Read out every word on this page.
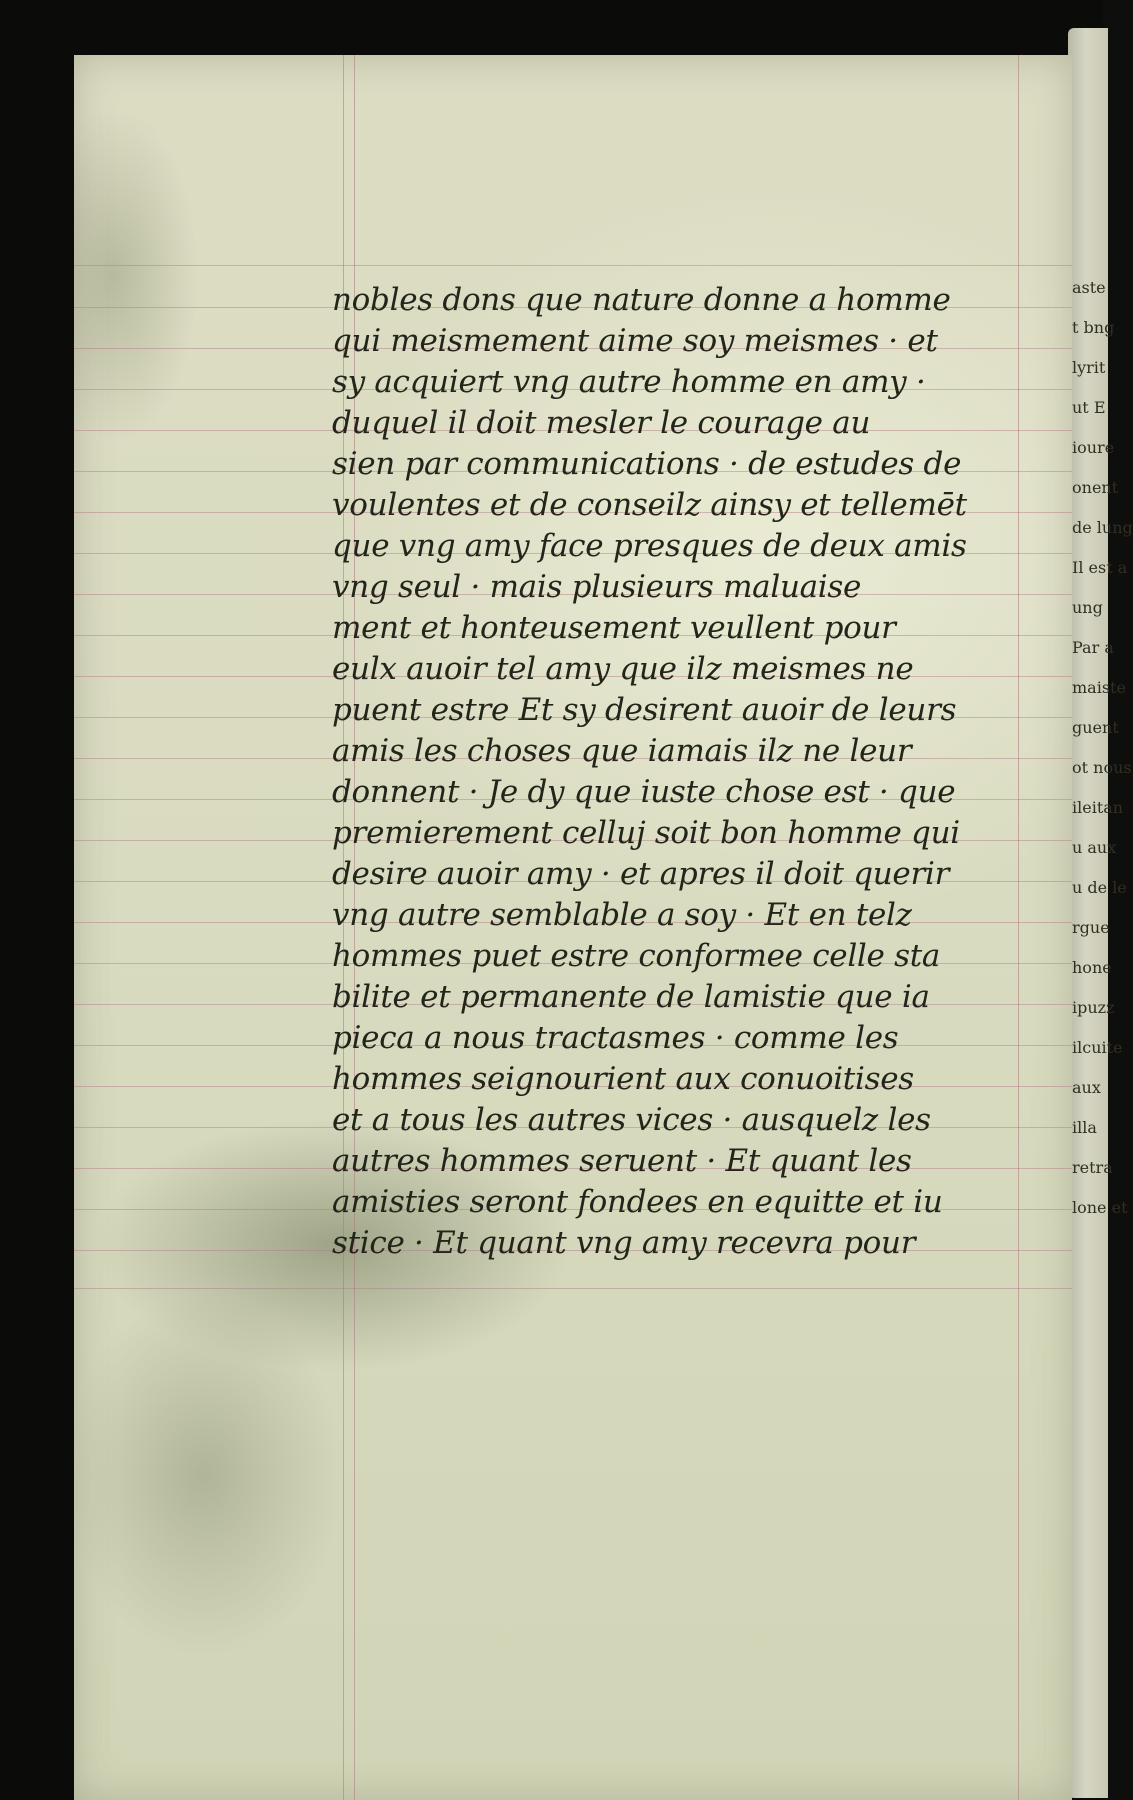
aste
t bng
lyrit
ut E
ioure
onent
de lung
Il est a
ung
Par a
maiste
guent
ot nous
ileitan
u aux
u de le
rgue
hone
ipuzz
ilcuite
aux
illa
retra
lone et
nobles dons que nature donne a homme
qui meismement aime soy meismes · et
sy acquiert vng autre homme en amy ·
duquel il doit mesler le courage au
sien par communications · de estudes de
voulentes et de conseilz ainsy et tellemēt
que vng amy face presques de deux amis
vng seul · mais plusieurs maluaise
ment et honteusement veullent pour
eulx auoir tel amy que ilz meismes ne
puent estre Et sy desirent auoir de leurs
amis les choses que iamais ilz ne leur
donnent · Je dy que iuste chose est · que
premierement celluj soit bon homme qui
desire auoir amy · et apres il doit querir
vng autre semblable a soy · Et en telz
hommes puet estre conformee celle sta
bilite et permanente de lamistie que ia
piecа a nous tractasmes · comme les
hommes seignourient aux conuoitises
et a tous les autres vices · ausquelz les
autres hommes seruent · Et quant les
amisties seront fondees en equitte et iu
stice · Et quant vng amy recevra pour
